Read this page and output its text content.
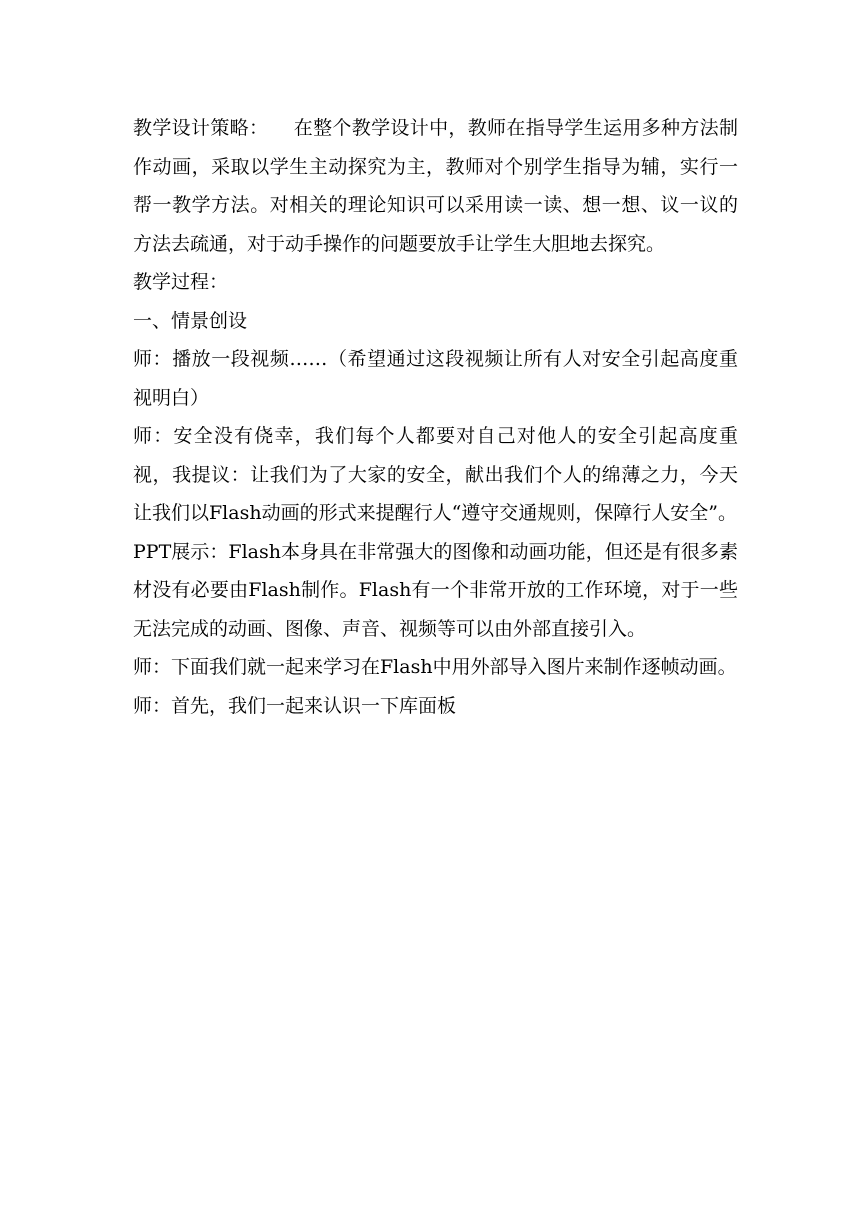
教学设计策略：    在整个教学设计中，教师在指导学生运用多种方法制作动画，采取以学生主动探究为主，教师对个别学生指导为辅，实行一帮一教学方法。对相关的理论知识可以采用读一读、想一想、议一议的方法去疏通，对于动手操作的问题要放手让学生大胆地去探究。

教学过程：

一、情景创设

师：播放一段视频……（希望通过这段视频让所有人对安全引起高度重视明白）

师：安全没有侥幸，我们每个人都要对自己对他人的安全引起高度重视，我提议：让我们为了大家的安全，献出我们个人的绵薄之力，今天让我们以Flash动画的形式来提醒行人“遵守交通规则，保障行人安全”。

PPT展示：Flash本身具在非常强大的图像和动画功能，但还是有很多素材没有必要由Flash制作。Flash有一个非常开放的工作环境，对于一些无法完成的动画、图像、声音、视频等可以由外部直接引入。

师：下面我们就一起来学习在Flash中用外部导入图片来制作逐帧动画。

师：首先，我们一起来认识一下库面板
